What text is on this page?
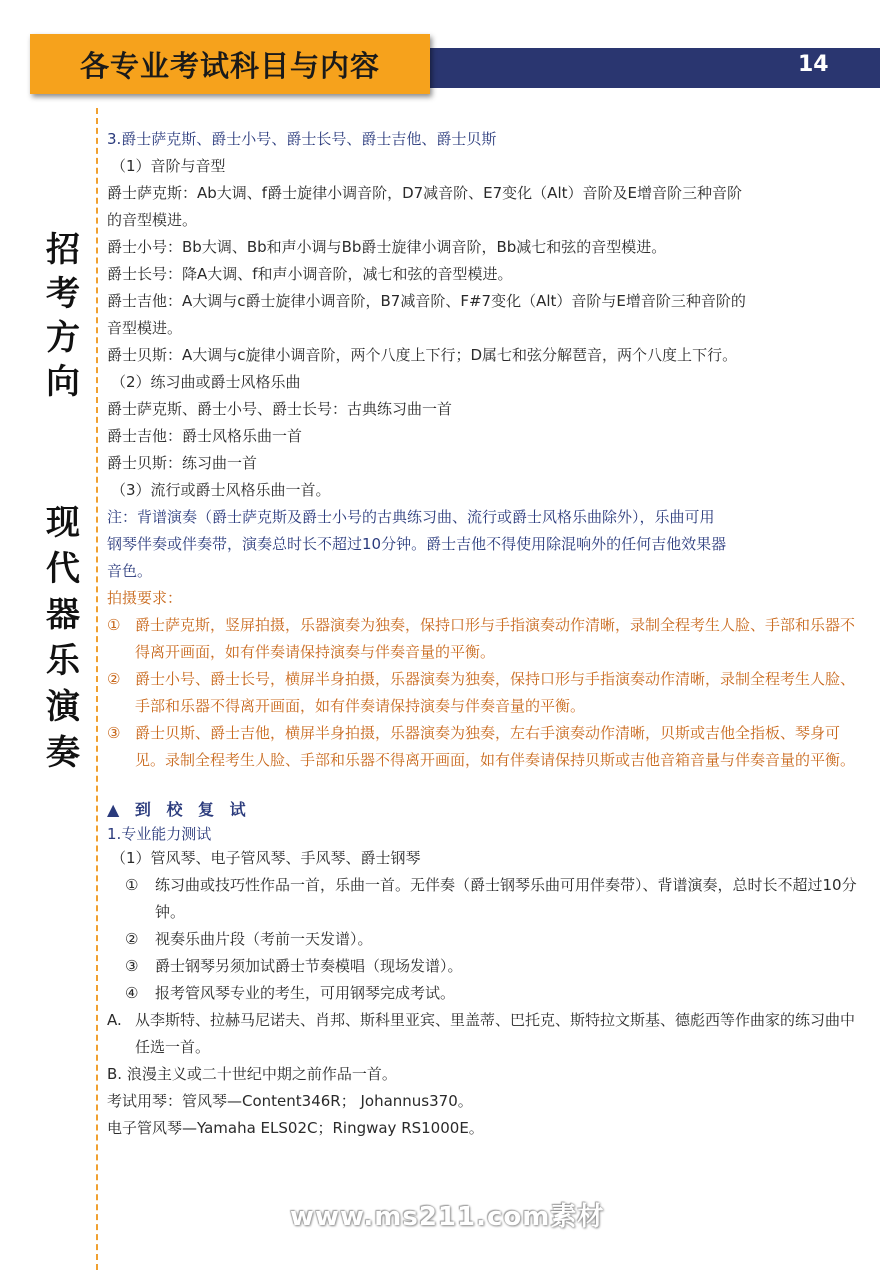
各专业考试科目与内容	14
招
考
方
向
现
代
器
乐
演
奏
3.爵士萨克斯、爵士小号、爵士长号、爵士吉他、爵士贝斯
（1）音阶与音型
爵士萨克斯：Ab大调、f爵士旋律小调音阶，D7减音阶、E7变化（Alt）音阶及E增音阶三种音阶
的音型模进。
爵士小号：Bb大调、Bb和声小调与Bb爵士旋律小调音阶，Bb减七和弦的音型模进。
爵士长号：降A大调、f和声小调音阶，减七和弦的音型模进。
爵士吉他：A大调与c爵士旋律小调音阶，B7减音阶、F#7变化（Alt）音阶与E增音阶三种音阶的
音型模进。
爵士贝斯：A大调与c旋律小调音阶，两个八度上下行；D属七和弦分解琶音，两个八度上下行。
（2）练习曲或爵士风格乐曲
爵士萨克斯、爵士小号、爵士长号：古典练习曲一首
爵士吉他：爵士风格乐曲一首
爵士贝斯：练习曲一首
（3）流行或爵士风格乐曲一首。
注：背谱演奏（爵士萨克斯及爵士小号的古典练习曲、流行或爵士风格乐曲除外），乐曲可用
钢琴伴奏或伴奏带，演奏总时长不超过10分钟。爵士吉他不得使用除混响外的任何吉他效果器
音色。
拍摄要求：
① 爵士萨克斯，竖屏拍摄，乐器演奏为独奏，保持口形与手指演奏动作清晰，录制全程考生人脸、手部和乐器不得离开画面，如有伴奏请保持演奏与伴奏音量的平衡。
② 爵士小号、爵士长号，横屏半身拍摄，乐器演奏为独奏，保持口形与手指演奏动作清晰，录制全程考生人脸、手部和乐器不得离开画面，如有伴奏请保持演奏与伴奏音量的平衡。
③ 爵士贝斯、爵士吉他，横屏半身拍摄，乐器演奏为独奏，左右手演奏动作清晰，贝斯或吉他全指板、琴身可见。录制全程考生人脸、手部和乐器不得离开画面，如有伴奏请保持贝斯或吉他音箱音量与伴奏音量的平衡。
▲ 到 校 复 试
1.专业能力测试
（1）管风琴、电子管风琴、手风琴、爵士钢琴
①	练习曲或技巧性作品一首，乐曲一首。无伴奏（爵士钢琴乐曲可用伴奏带）、背谱演奏，总时长不超过10分钟。
②	视奏乐曲片段（考前一天发谱）。
③	爵士钢琴另须加试爵士节奏模唱（现场发谱）。
④	报考管风琴专业的考生，可用钢琴完成考试。
A. 从李斯特、拉赫马尼诺夫、肖邦、斯科里亚宾、里盖蒂、巴托克、斯特拉文斯基、德彪西等作曲家的练习曲中任选一首。
B. 浪漫主义或二十世纪中期之前作品一首。
考试用琴：管风琴—Content346R； Johannus370。
电子管风琴—Yamaha ELS02C；Ringway RS1000E。
www.ms211.com素材
